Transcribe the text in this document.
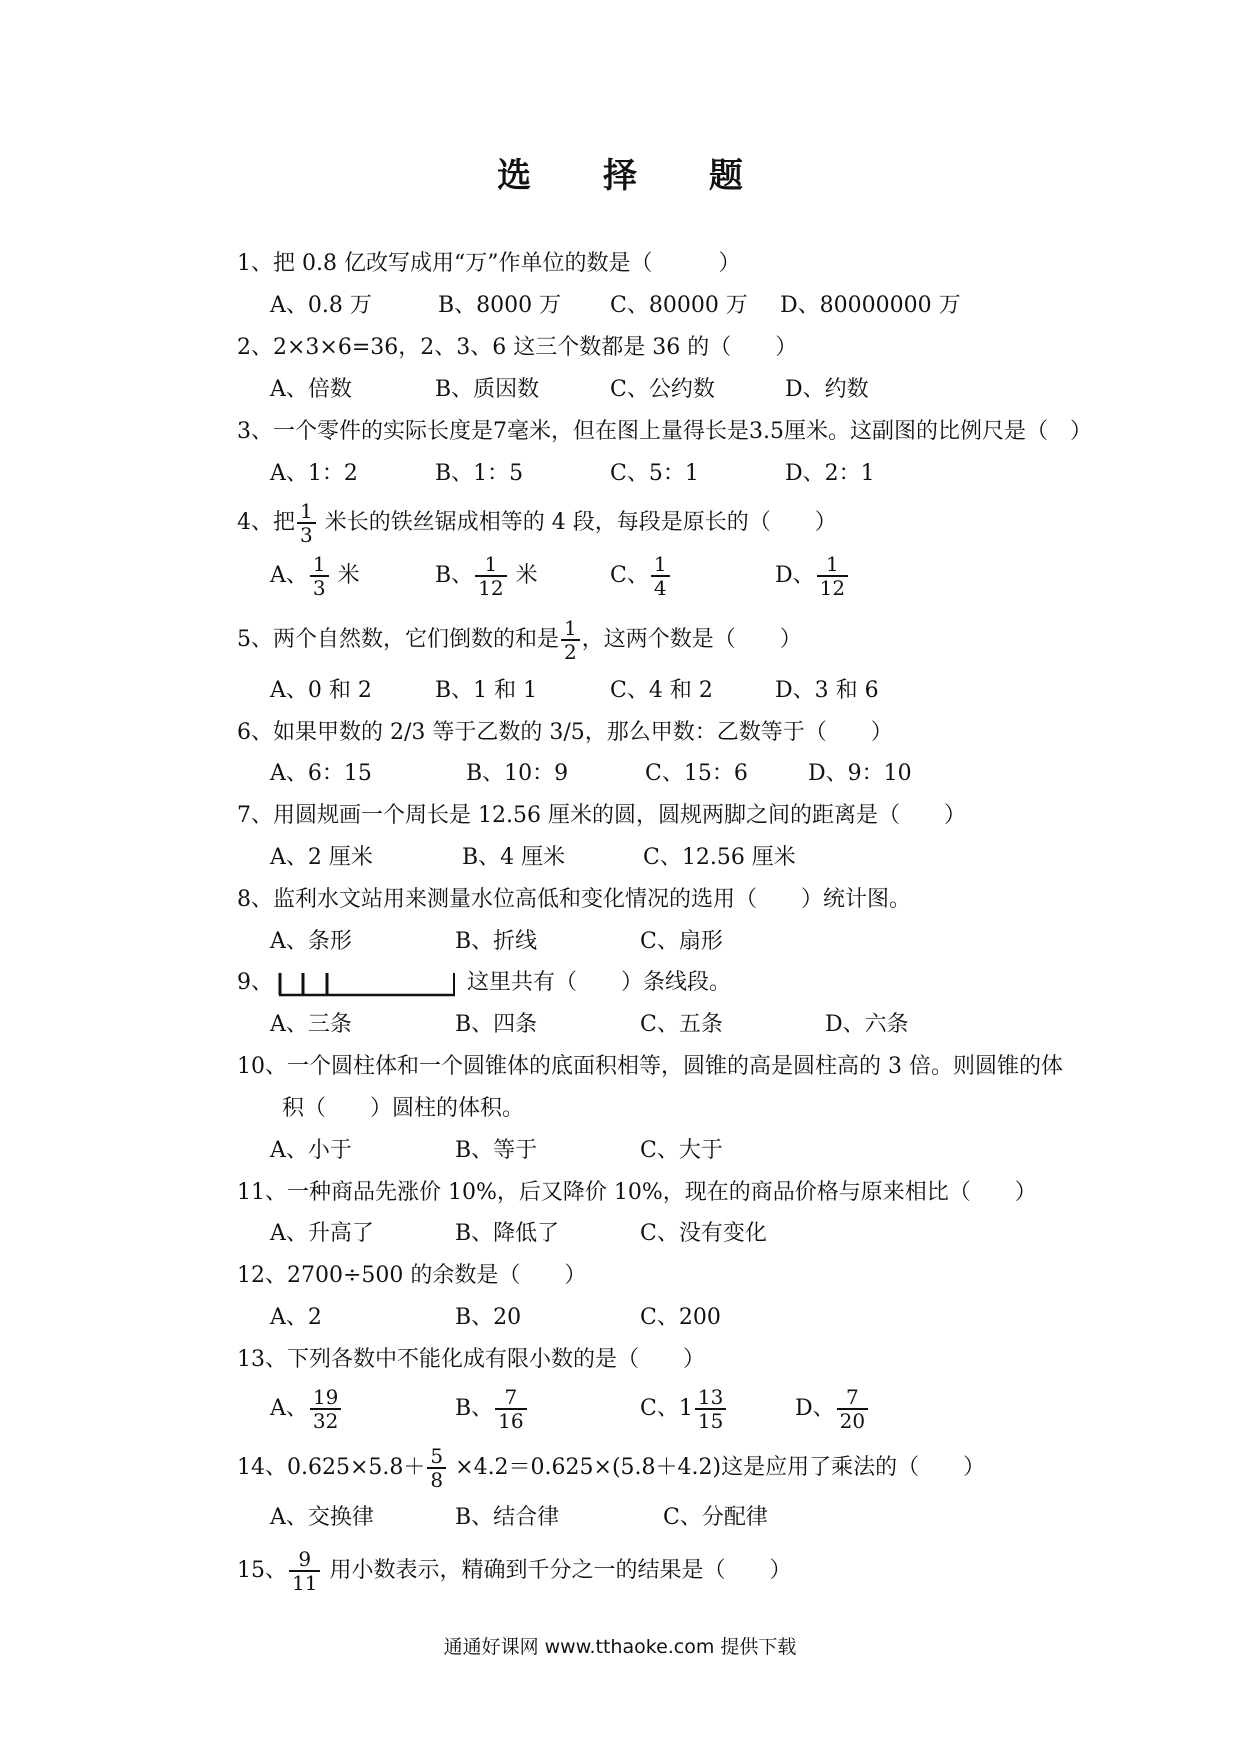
选 择 题
1、把 0.8 亿改写成用“万”作单位的数是（　　　）
A、0.8 万	B、8000 万 C、80000 万 D、80000000 万
2、2×3×6=36，2、3、6 这三个数都是 36 的（　　）
A、倍数	B、质因数	C、公约数	D、约数
3、一个零件的实际长度是7毫米，但在图上量得长是3.5厘米。这副图的比例尺是（　）
A、1：2	B、1：5	C、5：1	D、2：1
4、把 $\frac{1}{3}$ 米长的铁丝锯成相等的 4 段，每段是原长的（　　）
A、 $\frac{1}{3}$ 米	B、 $\frac{1}{12}$ 米	C、 $\frac{1}{4}$	D、 $\frac{1}{12}$
5、两个自然数，它们倒数的和是 $\frac{1}{2}$ ，这两个数是（　　）
A、0 和 2	B、1 和 1	C、4 和 2	D、3 和 6
6、如果甲数的 2/3 等于乙数的 3/5，那么甲数：乙数等于（　　）
A、6：15	B、10：9	C、15：6	D、9：10
7、用圆规画一个周长是 12.56 厘米的圆，圆规两脚之间的距离是（　　）
A、2 厘米	B、4 厘米	C、12.56 厘米
8、监利水文站用来测量水位高低和变化情况的选用（　　）统计图。
A、条形	B、折线	C、扇形
9、	这里共有（　　）条线段。
A、三条	B、四条	C、五条	D、六条
10、一个圆柱体和一个圆锥体的底面积相等，圆锥的高是圆柱高的 3 倍。则圆锥的体
积（　　）圆柱的体积。
A、小于	B、等于	C、大于
11、一种商品先涨价 10%，后又降价 10%，现在的商品价格与原来相比（　　）
A、升高了	B、降低了	C、没有变化
12、2700÷500 的余数是（　　）
A、2	B、20	C、200
13、下列各数中不能化成有限小数的是（　　）
A、 $\frac{19}{32}$	B、 $\frac{7}{16}$	C、$1 \frac{13}{15}$	D、 $\frac{7}{20}$
14、$0.625\times 5.8+ \frac{5}{8} \times 4.2=0.625\times(5.8+4.2)$这是应用了乘法的（　　）
A、交换律	B、结合律	C、分配律
15、 $\frac{9}{11}$ 用小数表示，精确到千分之一的结果是（　　）
通通好课网 www.tthaoke.com 提供下载
